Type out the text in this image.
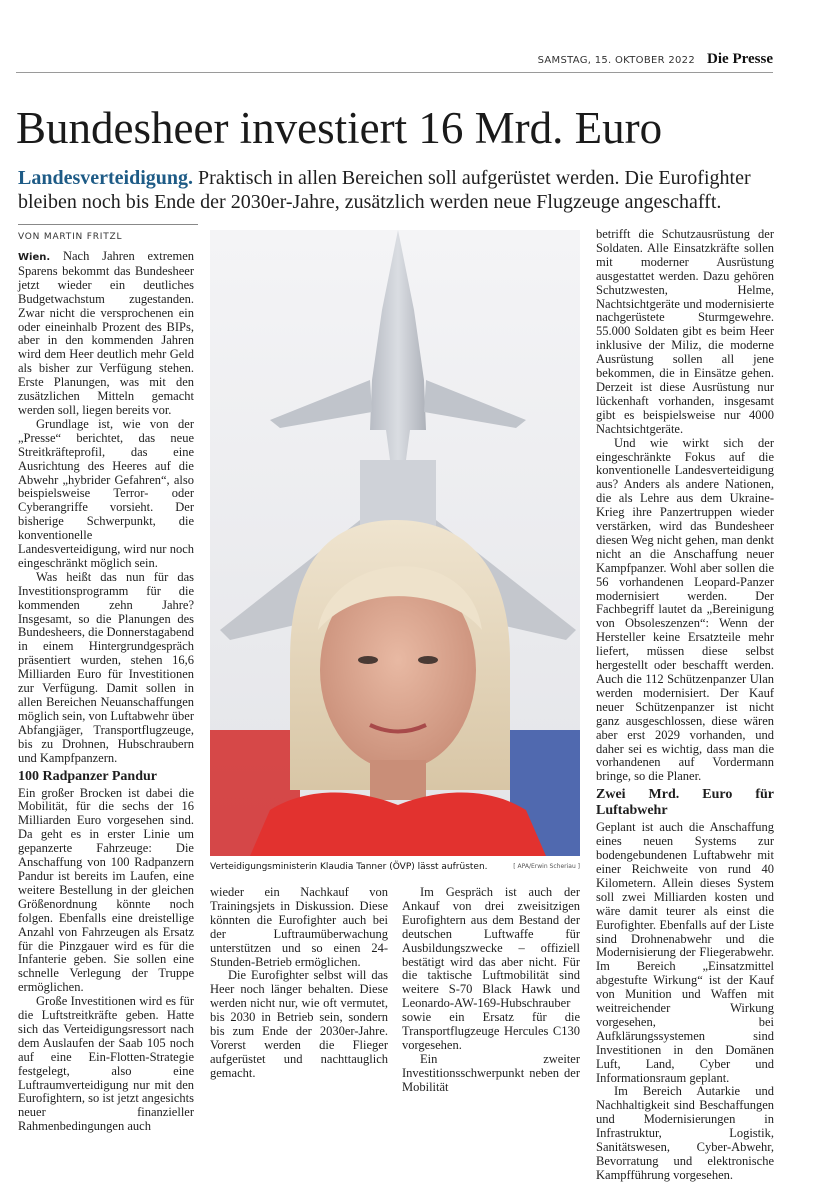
SAMSTAG, 15. OKTOBER 2022 Die Presse
Bundesheer investiert 16 Mrd. Euro
Landesverteidigung. Praktisch in allen Bereichen soll aufgerüstet werden. Die Eurofighter bleiben noch bis Ende der 2030er-Jahre, zusätzlich werden neue Flugzeuge angeschafft.
VON MARTIN FRITZL

Wien. Nach Jahren extremen Sparens bekommt das Bundesheer jetzt wieder ein deutliches Budgetwachstum zugestanden. Zwar nicht die versprochenen ein oder eineinhalb Prozent des BIPs, aber in den kommenden Jahren wird dem Heer deutlich mehr Geld als bisher zur Verfügung stehen. Erste Planungen, was mit den zusätzlichen Mitteln gemacht werden soll, liegen bereits vor.

Grundlage ist, wie von der „Presse“ berichtet, das neue Streitkräfteprofil, das eine Ausrichtung des Heeres auf die Abwehr „hybrider Gefahren“, also beispielsweise Terror- oder Cyberangriffe vorsieht. Der bisherige Schwerpunkt, die konventionelle Landesverteidigung, wird nur noch eingeschränkt möglich sein.

Was heißt das nun für das Investitionsprogramm für die kommenden zehn Jahre? Insgesamt, so die Planungen des Bundesheers, die Donnerstagabend in einem Hintergrundgespräch präsentiert wurden, stehen 16,6 Milliarden Euro für Investitionen zur Verfügung. Damit sollen in allen Bereichen Neuanschaffungen möglich sein, von Luftabwehr über Abfangjäger, Transportflugzeuge, bis zu Drohnen, Hubschraubern und Kampfpanzern.

100 Radpanzer Pandur

Ein großer Brocken ist dabei die Mobilität, für die sechs der 16 Milliarden Euro vorgesehen sind. Da geht es in erster Linie um gepanzerte Fahrzeuge: Die Anschaffung von 100 Radpanzern Pandur ist bereits im Laufen, eine weitere Bestellung in der gleichen Größenordnung könnte noch folgen. Ebenfalls eine dreistellige Anzahl von Fahrzeugen als Ersatz für die Pinzgauer wird es für die Infanterie geben. Sie sollen eine schnelle Verlegung der Truppe ermöglichen.

Große Investitionen wird es für die Luftstreitkräfte geben. Hatte sich das Verteidigungsressort nach dem Auslaufen der Saab 105 noch auf eine Ein-Flotten-Strategie festgelegt, also eine Luftraumverteidigung nur mit den Eurofightern, so ist jetzt angesichts neuer finanzieller Rahmenbedingungen auch

Verteidigungsministerin Klaudia Tanner (ÖVP) lässt aufrüsten.	[ APA/Erwin Scheriau ]

wieder ein Nachkauf von Trainingsjets in Diskussion. Diese könnten die Eurofighter auch bei der Luftraumüberwachung unterstützen und so einen 24-Stunden-Betrieb ermöglichen.

Die Eurofighter selbst will das Heer noch länger behalten. Diese werden nicht nur, wie oft vermutet, bis 2030 in Betrieb sein, sondern bis zum Ende der 2030er-Jahre. Vorerst werden die Flieger aufgerüstet und nachttauglich gemacht.

Im Gespräch ist auch der Ankauf von drei zweisitzigen Eurofightern aus dem Bestand der deutschen Luftwaffe für Ausbildungszwecke – offiziell bestätigt wird das aber nicht. Für die taktische Luftmobilität sind weitere S-70 Black Hawk und Leonardo-AW-169-Hubschrauber sowie ein Ersatz für die Transportflugzeuge Hercules C130 vorgesehen.

Ein zweiter Investitionsschwerpunkt neben der Mobilität

betrifft die Schutzausrüstung der Soldaten. Alle Einsatzkräfte sollen mit moderner Ausrüstung ausgestattet werden. Dazu gehören Schutzwesten, Helme, Nachtsichtgeräte und modernisierte nachgerüstete Sturmgewehre. 55.000 Soldaten gibt es beim Heer inklusive der Miliz, die moderne Ausrüstung sollen all jene bekommen, die in Einsätze gehen. Derzeit ist diese Ausrüstung nur lückenhaft vorhanden, insgesamt gibt es beispielsweise nur 4000 Nachtsichtgeräte.

Und wie wirkt sich der eingeschränkte Fokus auf die konventionelle Landesverteidigung aus? Anders als andere Nationen, die als Lehre aus dem Ukraine-Krieg ihre Panzertruppen wieder verstärken, wird das Bundesheer diesen Weg nicht gehen, man denkt nicht an die Anschaffung neuer Kampfpanzer. Wohl aber sollen die 56 vorhandenen Leopard-Panzer modernisiert werden. Der Fachbegriff lautet da „Bereinigung von Obsoleszenzen“: Wenn der Hersteller keine Ersatzteile mehr liefert, müssen diese selbst hergestellt oder beschafft werden. Auch die 112 Schützenpanzer Ulan werden modernisiert. Der Kauf neuer Schützenpanzer ist nicht ganz ausgeschlossen, diese wären aber erst 2029 vorhanden, und daher sei es wichtig, dass man die vorhandenen auf Vordermann bringe, so die Planer.

Zwei Mrd. Euro für Luftabwehr

Geplant ist auch die Anschaffung eines neuen Systems zur bodengebundenen Luftabwehr mit einer Reichweite von rund 40 Kilometern. Allein dieses System soll zwei Milliarden kosten und wäre damit teurer als einst die Eurofighter. Ebenfalls auf der Liste sind Drohnenabwehr und die Modernisierung der Fliegerabwehr. Im Bereich „Einsatzmittel abgestufte Wirkung“ ist der Kauf von Munition und Waffen mit weitreichender Wirkung vorgesehen, bei Aufklärungssystemen sind Investitionen in den Domänen Luft, Land, Cyber und Informationsraum geplant.

Im Bereich Autarkie und Nachhaltigkeit sind Beschaffungen und Modernisierungen in Infrastruktur, Logistik, Sanitätswesen, Cyber-Abwehr, Bevorratung und elektronische Kampfführung vorgesehen.
